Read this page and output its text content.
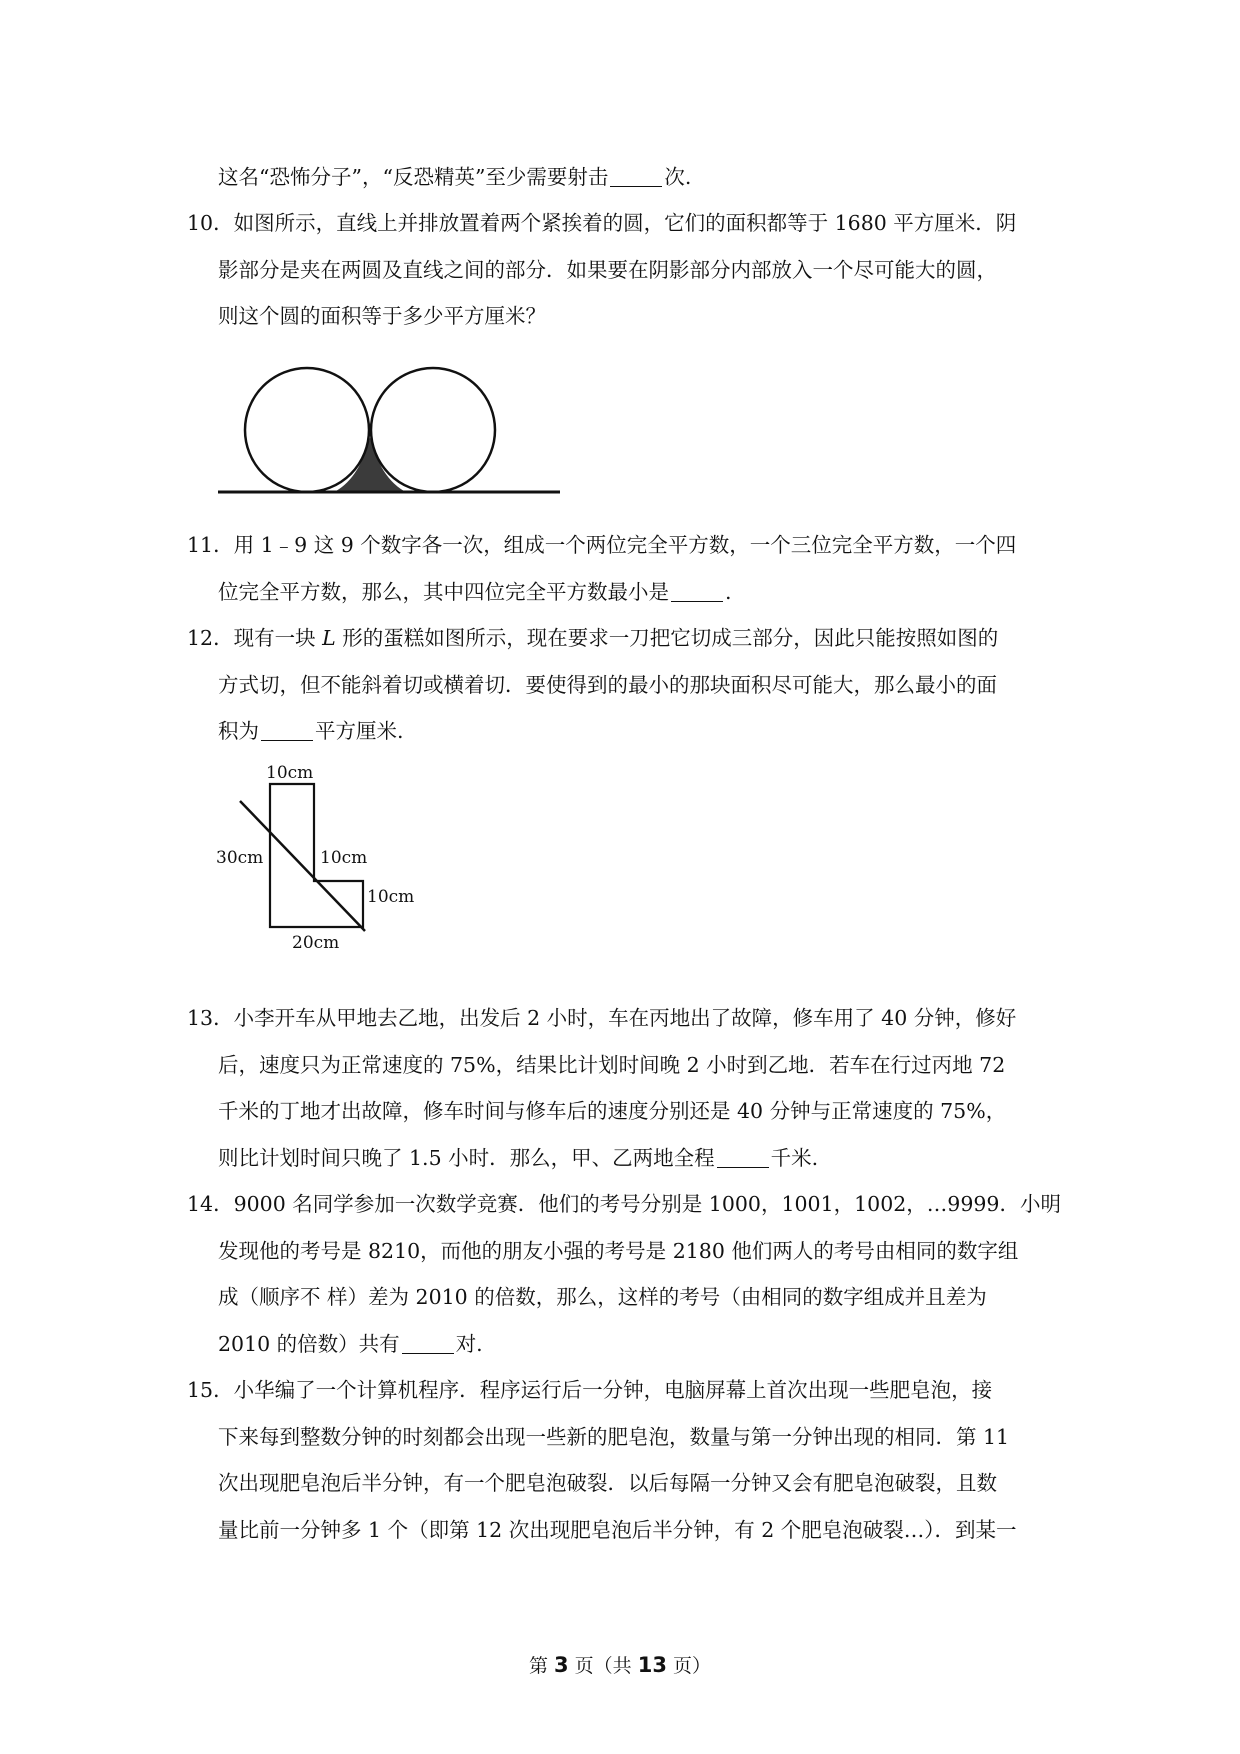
这名“恐怖分子”，“反恐精英”至少需要射击	次.
10．如图所示，直线上并排放置着两个紧挨着的圆，它们的面积都等于 1680 平方厘米．阴
影部分是夹在两圆及直线之间的部分．如果要在阴影部分内部放入一个尽可能大的圆，
则这个圆的面积等于多少平方厘米？
11．用 1﹣9 这 9 个数字各一次，组成一个两位完全平方数，一个三位完全平方数，一个四
位完全平方数，那么，其中四位完全平方数最小是	.
12．现有一块 L 形的蛋糕如图所示，现在要求一刀把它切成三部分，因此只能按照如图的
方式切，但不能斜着切或横着切．要使得到的最小的那块面积尽可能大，那么最小的面
积为	平方厘米.
10cm
30cm	10cm
10cm
20cm
13．小李开车从甲地去乙地，出发后 2 小时，车在丙地出了故障，修车用了 40 分钟，修好
后，速度只为正常速度的 75%，结果比计划时间晚 2 小时到乙地．若车在行过丙地 72
千米的丁地才出故障，修车时间与修车后的速度分别还是 40 分钟与正常速度的 75%，
则比计划时间只晚了 1.5 小时．那么，甲、乙两地全程	千米.
14．9000 名同学参加一次数学竞赛．他们的考号分别是 1000，1001，1002，…9999．小明
发现他的考号是 8210，而他的朋友小强的考号是 2180 他们两人的考号由相同的数字组
成（顺序不 样）差为 2010 的倍数，那么，这样的考号（由相同的数字组成并且差为
2010 的倍数）共有	对.
15．小华编了一个计算机程序．程序运行后一分钟，电脑屏幕上首次出现一些肥皂泡，接
下来每到整数分钟的时刻都会出现一些新的肥皂泡，数量与第一分钟出现的相同．第 11
次出现肥皂泡后半分钟，有一个肥皂泡破裂．以后每隔一分钟又会有肥皂泡破裂，且数
量比前一分钟多 1 个（即第 12 次出现肥皂泡后半分钟，有 2 个肥皂泡破裂…）．到某一
第 3 页（共 13 页）
